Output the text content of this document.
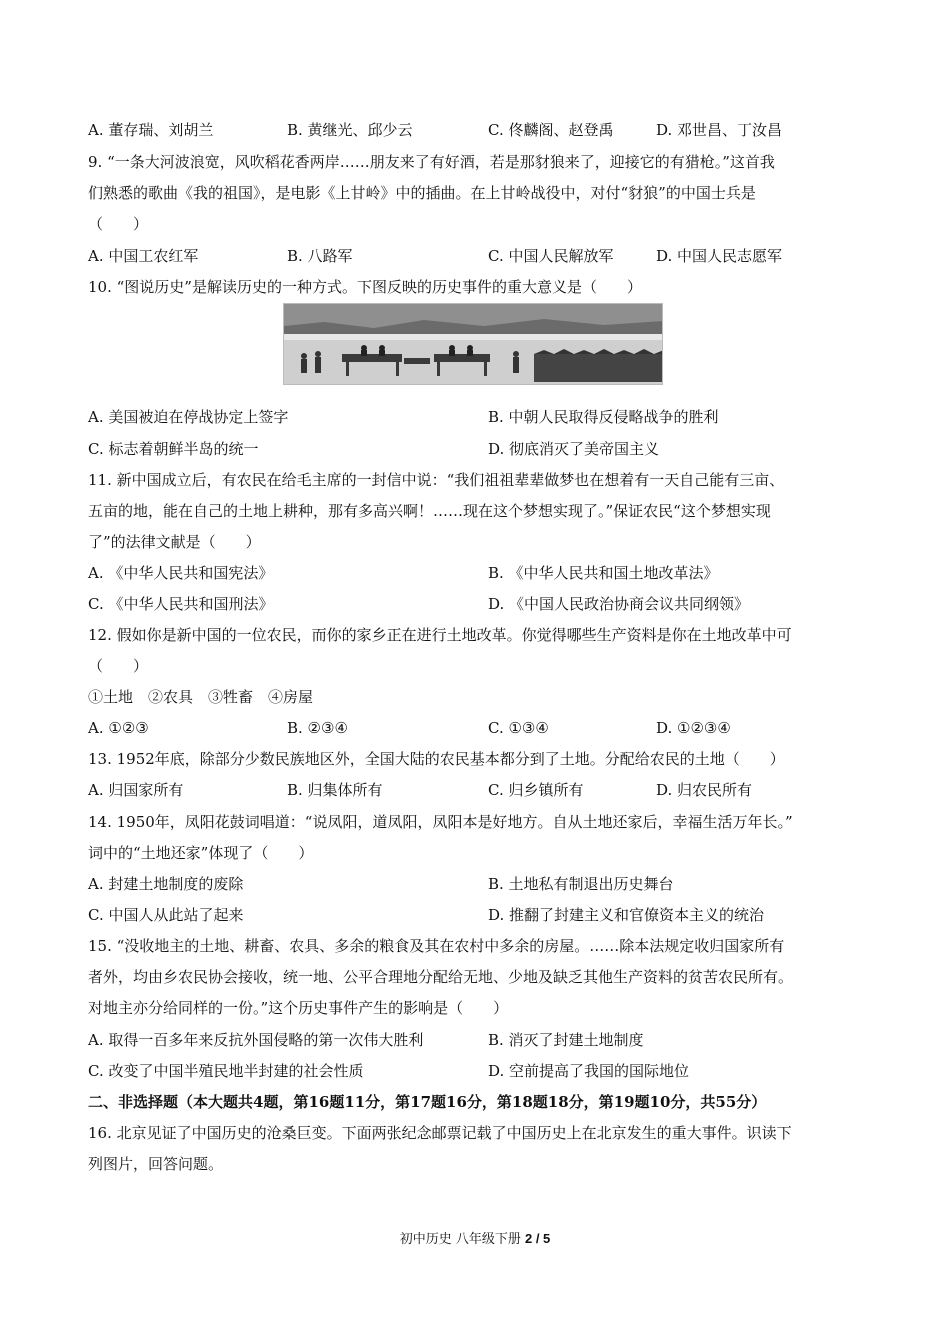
A. 董存瑞、刘胡兰	B. 黄继光、邱少云	C. 佟麟阁、赵登禹	D. 邓世昌、丁汝昌
9. “一条大河波浪宽，风吹稻花香两岸……朋友来了有好酒，若是那豺狼来了，迎接它的有猎枪。”这首我
们熟悉的歌曲《我的祖国》，是电影《上甘岭》中的插曲。在上甘岭战役中，对付“豺狼”的中国士兵是
（　　）
A. 中国工农红军	B. 八路军	C. 中国人民解放军	D. 中国人民志愿军
10. “图说历史”是解读历史的一种方式。下图反映的历史事件的重大意义是（　　）
A. 美国被迫在停战协定上签字	B. 中朝人民取得反侵略战争的胜利
C. 标志着朝鲜半岛的统一	D. 彻底消灭了美帝国主义
11. 新中国成立后，有农民在给毛主席的一封信中说：“我们祖祖辈辈做梦也在想着有一天自己能有三亩、
五亩的地，能在自己的土地上耕种，那有多高兴啊！……现在这个梦想实现了。”保证农民“这个梦想实现
了”的法律文献是（　　）
A. 《中华人民共和国宪法》	B. 《中华人民共和国土地改革法》
C. 《中华人民共和国刑法》	D. 《中国人民政治协商会议共同纲领》
12. 假如你是新中国的一位农民，而你的家乡正在进行土地改革。你觉得哪些生产资料是你在土地改革中可
（　　）
①土地　②农具　③牲畜　④房屋
A. ①②③	B. ②③④	C. ①③④	D. ①②③④
13. 1952年底，除部分少数民族地区外，全国大陆的农民基本都分到了土地。分配给农民的土地（　　）
A. 归国家所有	B. 归集体所有	C. 归乡镇所有	D. 归农民所有
14. 1950年，凤阳花鼓词唱道：“说凤阳，道凤阳，凤阳本是好地方。自从土地还家后，幸福生活万年长。”
词中的“土地还家”体现了（　　）
A. 封建土地制度的废除	B. 土地私有制退出历史舞台
C. 中国人从此站了起来	D. 推翻了封建主义和官僚资本主义的统治
15. “没收地主的土地、耕畜、农具、多余的粮食及其在农村中多余的房屋。……除本法规定收归国家所有
者外，均由乡农民协会接收，统一地、公平合理地分配给无地、少地及缺乏其他生产资料的贫苦农民所有。
对地主亦分给同样的一份。”这个历史事件产生的影响是（　　）
A. 取得一百多年来反抗外国侵略的第一次伟大胜利	B. 消灭了封建土地制度
C. 改变了中国半殖民地半封建的社会性质	D. 空前提高了我国的国际地位
二、非选择题（本大题共4题，第16题11分，第17题16分，第18题18分，第19题10分，共55分）
16. 北京见证了中国历史的沧桑巨变。下面两张纪念邮票记载了中国历史上在北京发生的重大事件。识读下
列图片，回答问题。
初中历史 八年级下册 2 / 5
